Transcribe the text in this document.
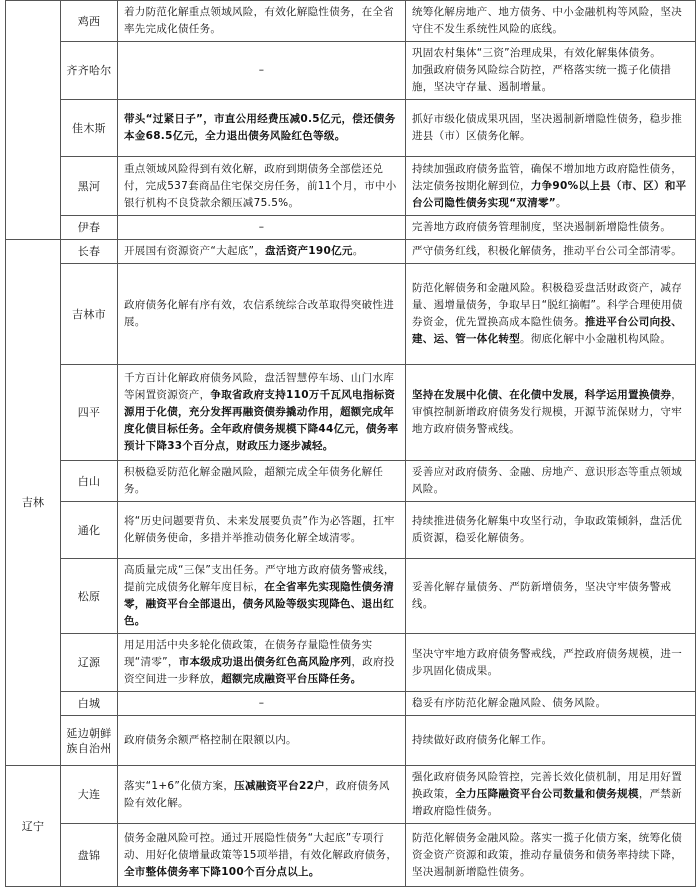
	鸡西	着力防范化解重点领域风险，有效化解隐性债务，在全省率先完成化债任务。	统筹化解房地产、地方债务、中小金融机构等风险，坚决守住不发生系统性风险的底线。
	齐齐哈尔	–	巩固农村集体“三资”治理成果，有效化解集体债务。
加强政府债务风险综合防控，严格落实统一揽子化债措施，坚决守存量、遏制增量。
	佳木斯	带头“过紧日子”，市直公用经费压减0.5亿元，偿还债务本金68.5亿元，全力退出债务风险红色等级。	抓好市级化债成果巩固，坚决遏制新增隐性债务，稳步推进县（市）区债务化解。
	黑河	重点领域风险得到有效化解，政府到期债务全部偿还兑付，完成537套商品住宅保交房任务，前11个月，市中小银行机构不良贷款余额压减75.5%。	持续加强政府债务监管，确保不增加地方政府隐性债务，法定债务按期化解到位，力争90%以上县（市、区）和平台公司隐性债务实现“双清零”。
	伊春	–	完善地方政府债务管理制度，坚决遏制新增隐性债务。
吉林	长春	开展国有资源资产“大起底”，盘活资产190亿元。	严守债务红线，积极化解债务，推动平台公司全部清零。
	吉林市	政府债务化解有序有效，农信系统综合改革取得突破性进展。	防范化解债务和金融风险。积极稳妥盘活财政资产，减存量、遏增量债务，争取早日“脱红摘帽”。科学合理使用债券资金，优先置换高成本隐性债务。推进平台公司向投、建、运、管一体化转型。彻底化解中小金融机构风险。
	四平	千方百计化解政府债务风险，盘活智慧停车场、山门水库等闲置资源资产，争取省政府支持110万千瓦风电指标资源用于化债，充分发挥再融资债券撬动作用，超额完成年度化债目标任务。全年政府债务规模下降44亿元，债务率预计下降33个百分点，财政压力逐步减轻。	坚持在发展中化债、在化债中发展，科学运用置换债券，审慎控制新增政府债务发行规模，开源节流保财力，守牢地方政府债务警戒线。
	白山	积极稳妥防范化解金融风险，超额完成全年债务化解任务。	妥善应对政府债务、金融、房地产、意识形态等重点领域风险。
	通化	将“历史问题要背负、未来发展要负责”作为必答题，扛牢化解债务使命，多措并举推动债务化解全域清零。	持续推进债务化解集中攻坚行动，争取政策倾斜，盘活优质资源，稳妥化解债务。
	松原	高质量完成“三保”支出任务。严守地方政府债务警戒线，提前完成债务化解年度目标，在全省率先实现隐性债务清零，融资平台全部退出，债务风险等级实现降色、退出红色。	妥善化解存量债务、严防新增债务，坚决守牢债务警戒线。
	辽源	用足用活中央多轮化债政策，在债务存量隐性债务实现“清零”，市本级成功退出债务红色高风险序列，政府投资空间进一步释放，超额完成融资平台压降任务。	坚决守牢地方政府债务警戒线，严控政府债务规模，进一步巩固化债成果。
	白城	–	稳妥有序防范化解金融风险、债务风险。
	延边朝鲜族自治州	政府债务余额严格控制在限额以内。	持续做好政府债务化解工作。
辽宁	大连	落实“1+6”化债方案，压减融资平台22户，政府债务风险有效化解。	强化政府债务风险管控，完善长效化债机制，用足用好置换政策，全力压降融资平台公司数量和债务规模，严禁新增政府隐性债务。
	盘锦	债务金融风险可控。通过开展隐性债务“大起底”专项行动、用好化债增量政策等15项举措，有效化解政府债务，全市整体债务率下降100个百分点以上。	防范化解债务金融风险。落实一揽子化债方案，统筹化债资金资产资源和政策，推动存量债务和债务率持续下降，坚决遏制新增隐性债务。
